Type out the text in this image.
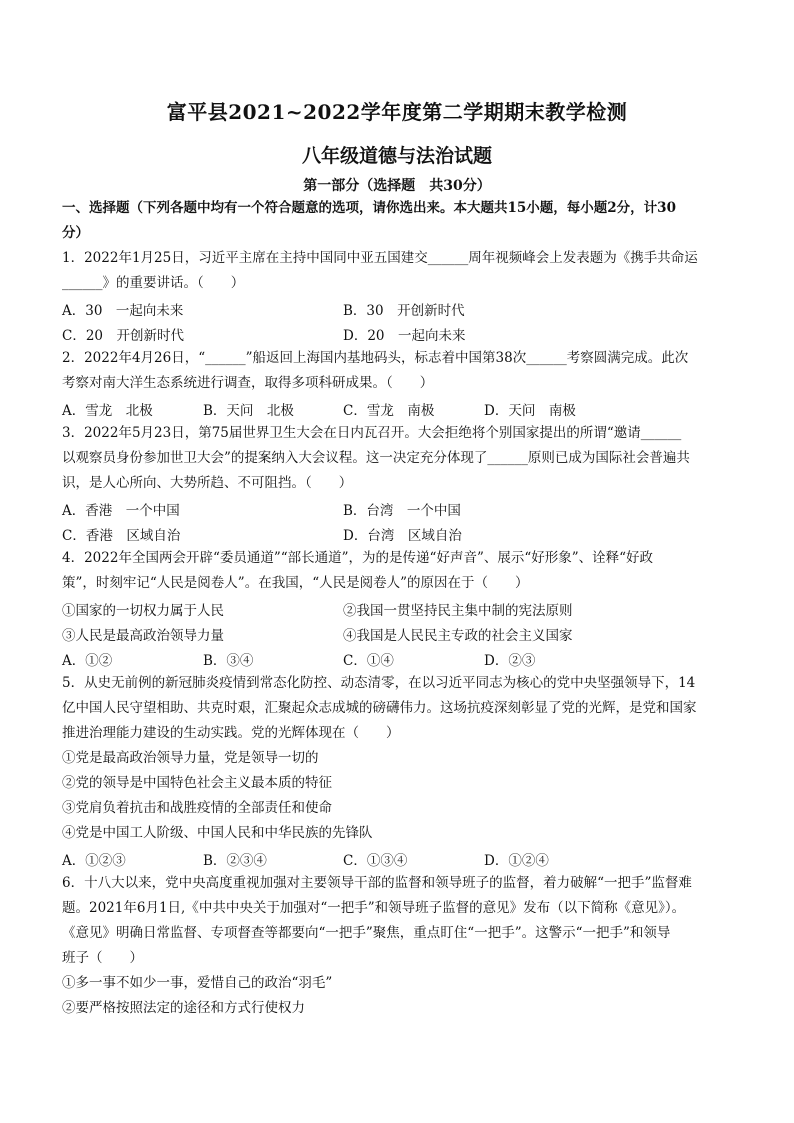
富平县2021~2022学年度第二学期期末教学检测
八年级道德与法治试题
第一部分（选择题　共30分）
一、选择题（下列各题中均有一个符合题意的选项，请你选出来。本大题共15小题，每小题2分，计30
分）
1．2022年1月25日，习近平主席在主持中国同中亚五国建交______周年视频峰会上发表题为《携手共命运
______》的重要讲话。（　　）
A．30　一起向未来	B．30　开创新时代
C．20　开创新时代	D．20　一起向未来
2．2022年4月26日，“______”船返回上海国内基地码头，标志着中国第38次______考察圆满完成。此次
考察对南大洋生态系统进行调查，取得多项科研成果。（　　）
A．雪龙　北极	B．天问　北极	C．雪龙　南极	D．天问　南极
3．2022年5月23日，第75届世界卫生大会在日内瓦召开。大会拒绝将个别国家提出的所谓“邀请______
以观察员身份参加世卫大会”的提案纳入大会议程。这一决定充分体现了______原则已成为国际社会普遍共
识，是人心所向、大势所趋、不可阻挡。（　　）
A．香港　一个中国	B．台湾　一个中国
C．香港　区域自治	D．台湾　区域自治
4．2022年全国两会开辟“委员通道”“部长通道”，为的是传递“好声音”、展示“好形象”、诠释“好政
策”，时刻牢记“人民是阅卷人”。在我国，“人民是阅卷人”的原因在于（　　）
①国家的一切权力属于人民	②我国一贯坚持民主集中制的宪法原则
③人民是最高政治领导力量	④我国是人民民主专政的社会主义国家
A．①②	B．③④	C．①④	D．②③
5．从史无前例的新冠肺炎疫情到常态化防控、动态清零，在以习近平同志为核心的党中央坚强领导下，14
亿中国人民守望相助、共克时艰，汇聚起众志成城的磅礴伟力。这场抗疫深刻彰显了党的光辉，是党和国家
推进治理能力建设的生动实践。党的光辉体现在（　　）
①党是最高政治领导力量，党是领导一切的
②党的领导是中国特色社会主义最本质的特征
③党肩负着抗击和战胜疫情的全部责任和使命
④党是中国工人阶级、中国人民和中华民族的先锋队
A．①②③	B．②③④	C．①③④	D．①②④
6．十八大以来，党中央高度重视加强对主要领导干部的监督和领导班子的监督，着力破解“一把手”监督难
题。2021年6月1日,《中共中央关于加强对“一把手”和领导班子监督的意见》发布（以下简称《意见》）。
《意见》明确日常监督、专项督查等都要向“一把手”聚焦，重点盯住“一把手”。这警示“一把手”和领导
班子（　　）
①多一事不如少一事，爱惜自己的政治“羽毛”
②要严格按照法定的途径和方式行使权力
